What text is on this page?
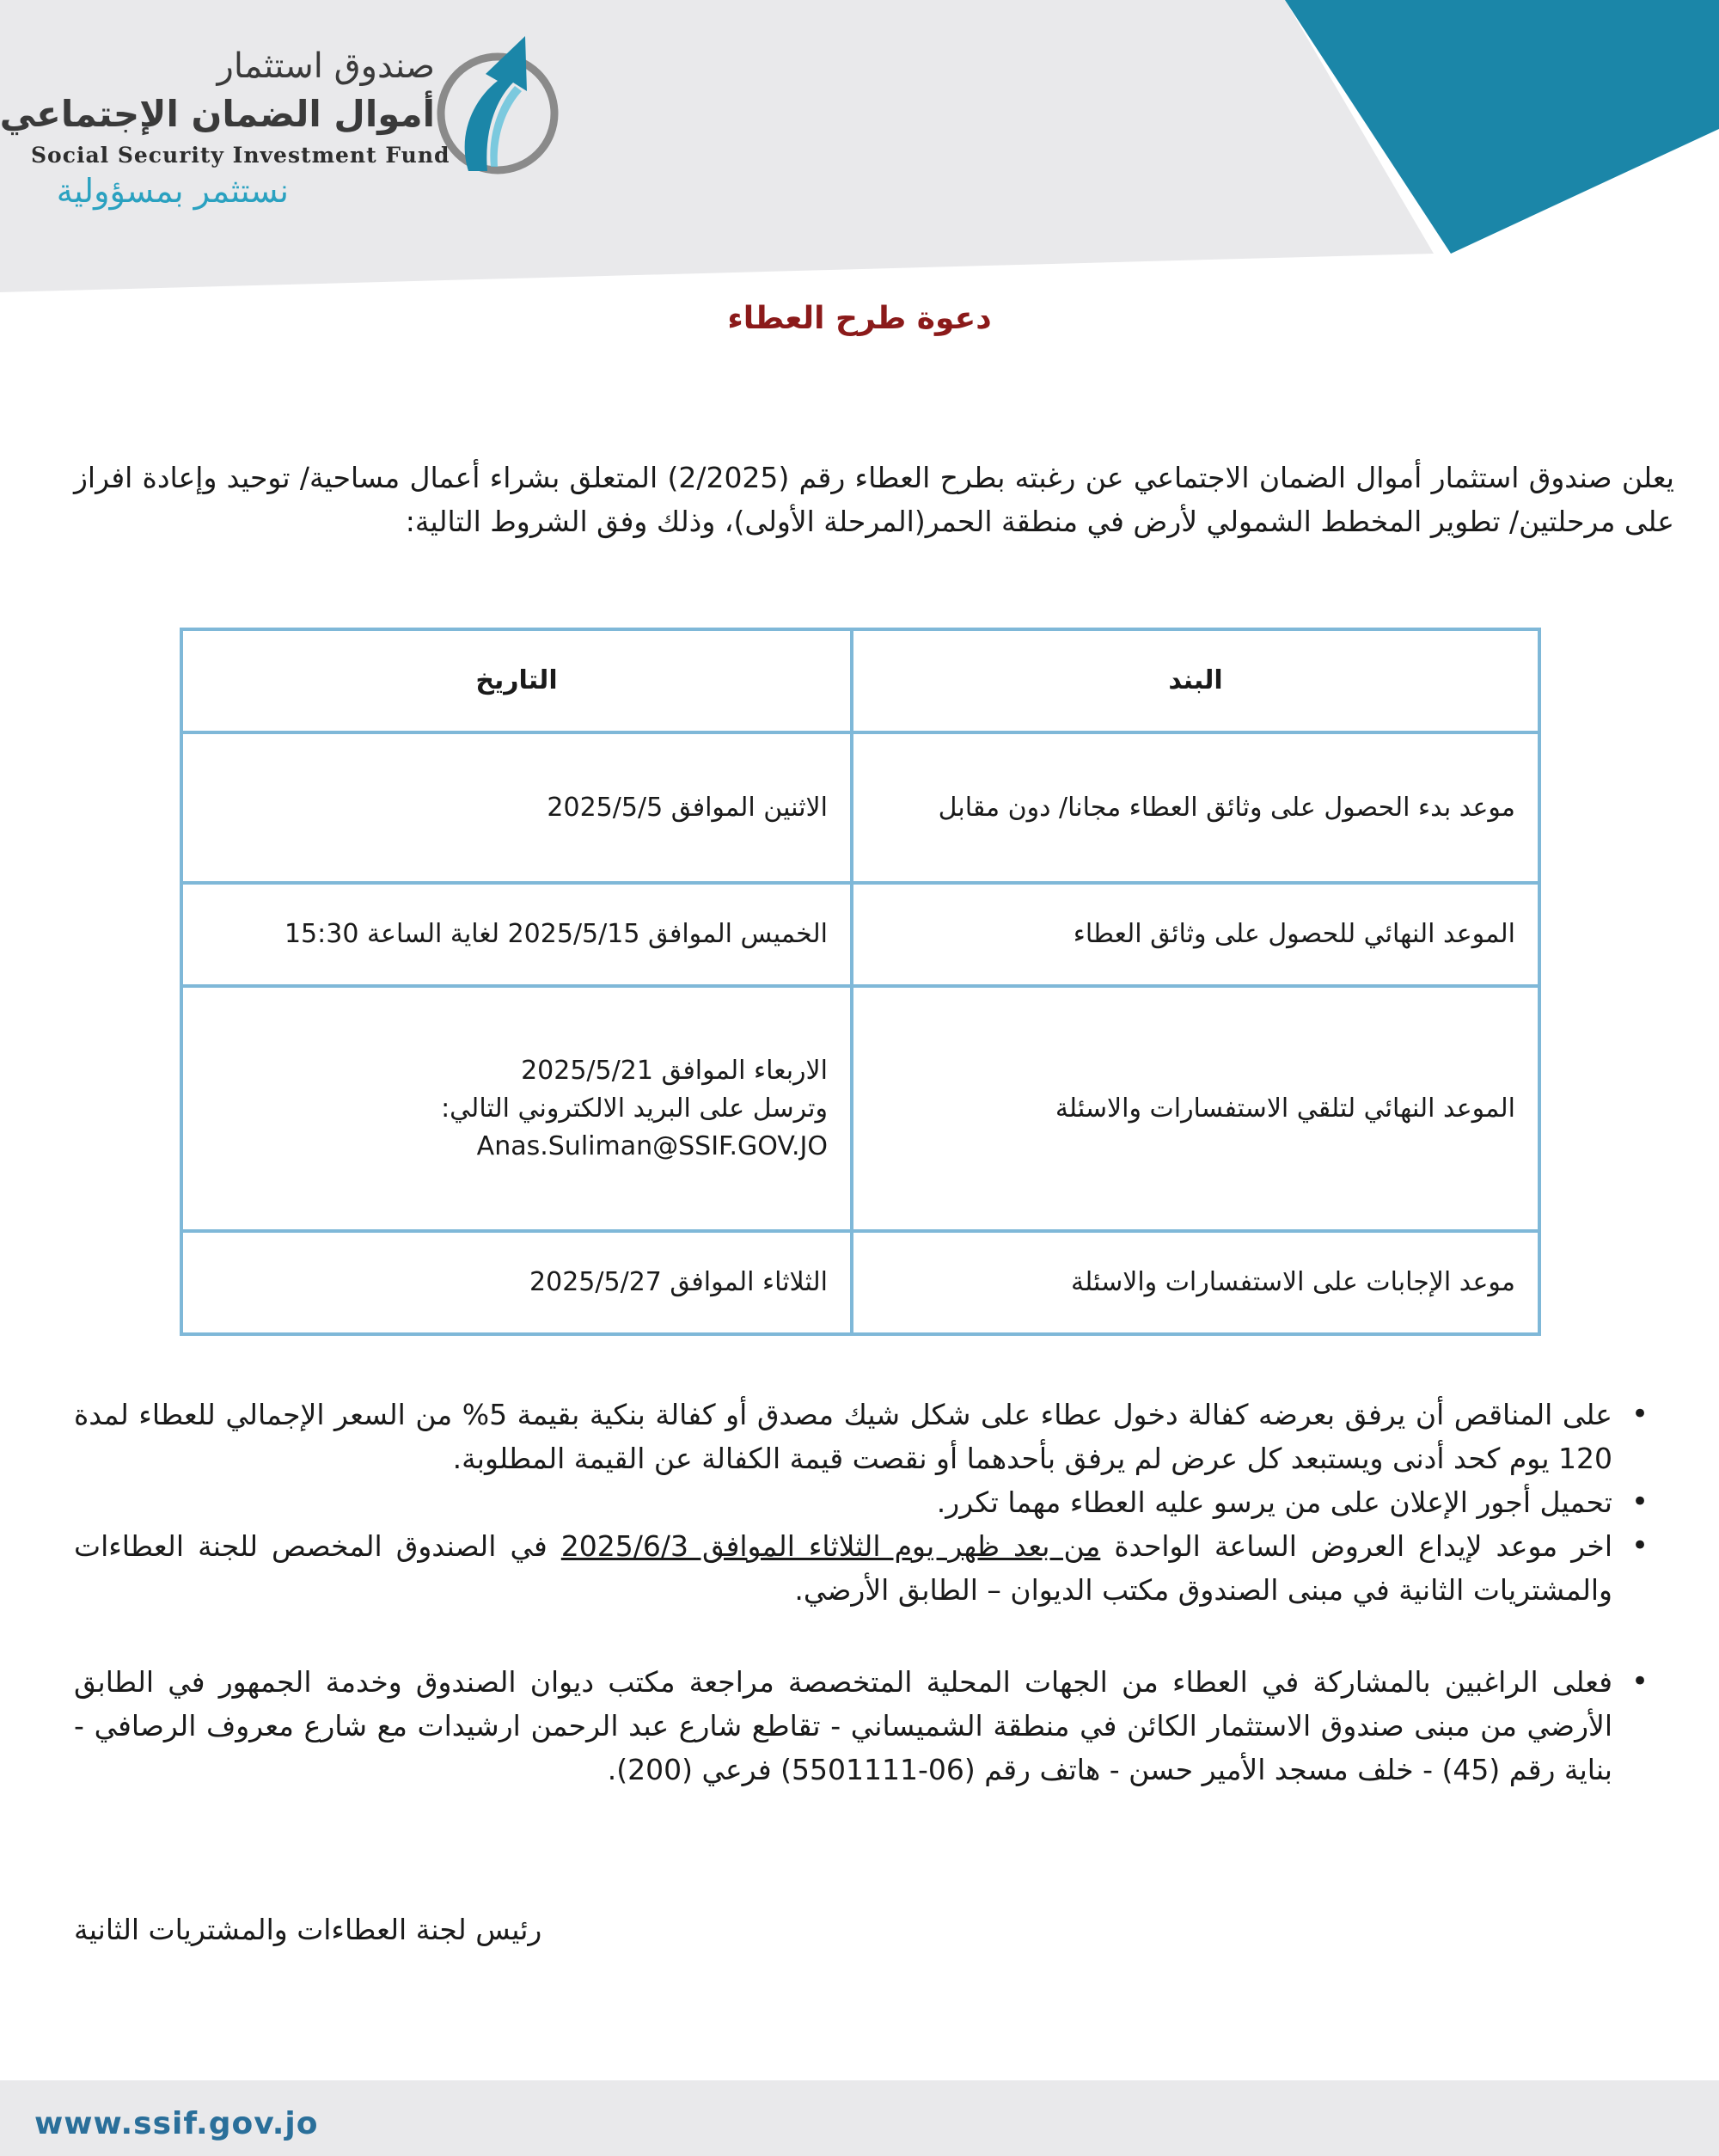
صندوق استثمار
أموال الضمان الإجتماعي
Social Security Investment Fund
نستثمر بمسؤولية
دعوة طرح العطاء

يعلن صندوق استثمار أموال الضمان الاجتماعي عن رغبته بطرح العطاء رقم (2/2025) المتعلق بشراء أعمال مساحية/ توحيد وإعادة افراز على مرحلتين/ تطوير المخطط الشمولي لأرض في منطقة الحمر(المرحلة الأولى)، وذلك وفق الشروط التالية:

البند	التاريخ
موعد بدء الحصول على وثائق العطاء مجانا/ دون مقابل	الاثنين الموافق 2025/5/5

الموعد النهائي للحصول على وثائق العطاء	الخميس الموافق 2025/5/15 لغاية الساعة 15:30

الموعد النهائي لتلقي الاستفسارات والاسئلة	الاربعاء الموافق 2025/5/21
وترسل على البريد الالكتروني التالي:
Anas.Suliman@SSIF.GOV.JO

موعد الإجابات على الاستفسارات والاسئلة	الثلاثاء الموافق 2025/5/27
• على المناقص أن يرفق بعرضه كفالة دخول عطاء على شكل شيك مصدق أو كفالة بنكية بقيمة 5% من السعر الإجمالي للعطاء لمدة 120 يوم كحد أدنى ويستبعد كل عرض لم يرفق بأحدهما أو نقصت قيمة الكفالة عن القيمة المطلوبة.
• تحميل أجور الإعلان على من يرسو عليه العطاء مهما تكرر.
• اخر موعد لإيداع العروض الساعة الواحدة من بعد ظهر يوم الثلاثاء الموافق 2025/6/3 في الصندوق المخصص للجنة العطاءات والمشتريات الثانية في مبنى الصندوق مكتب الديوان – الطابق الأرضي.
• فعلى الراغبين بالمشاركة في العطاء من الجهات المحلية المتخصصة مراجعة مكتب ديوان الصندوق وخدمة الجمهور في الطابق الأرضي من مبنى صندوق الاستثمار الكائن في منطقة الشميساني - تقاطع شارع عبد الرحمن ارشيدات مع شارع معروف الرصافي - بناية رقم (45) - خلف مسجد الأمير حسن - هاتف رقم (06-5501111) فرعي (200).
رئيس لجنة العطاءات والمشتريات الثانية
www.ssif.gov.jo
